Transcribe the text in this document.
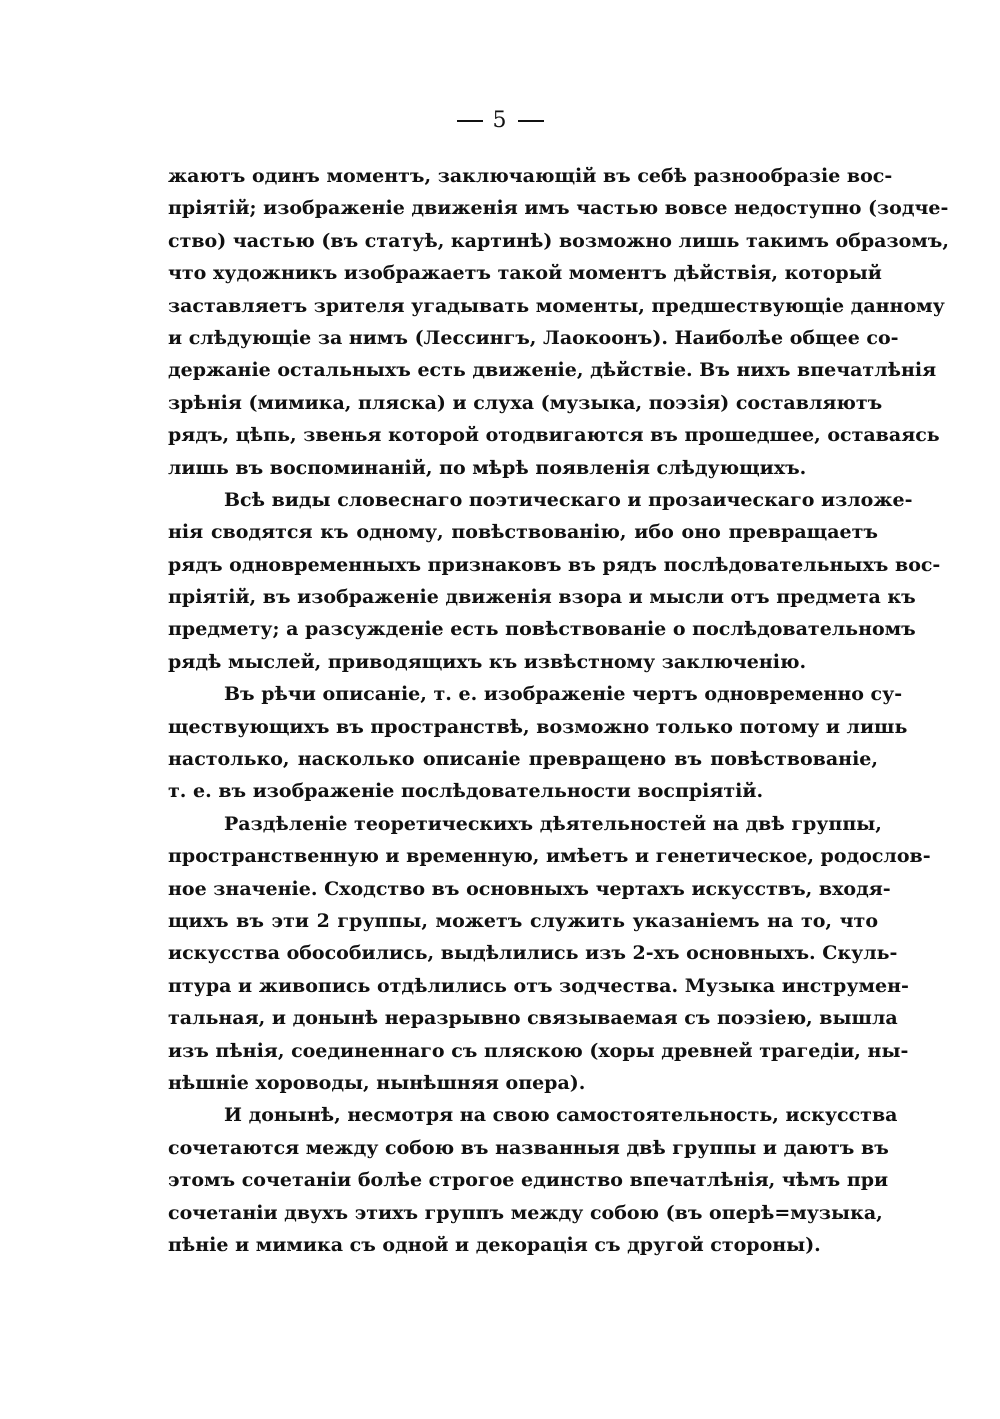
5
жаютъ одинъ моментъ, заключающій въ себѣ разнообразіе вос-
пріятій; изображеніе движенія имъ частью вовсе недоступно (зодче-
ство) частью (въ статуѣ, картинѣ) возможно лишь такимъ образомъ,
что художникъ изображаетъ такой моментъ дѣйствія, который
заставляетъ зрителя угадывать моменты, предшествующіе данному
и слѣдующіе за нимъ (Лессингъ, Лаокоонъ). Наиболѣе общее со-
держаніе остальныхъ есть движеніе, дѣйствіе. Въ нихъ впечатлѣнія
зрѣнія (мимика, пляска) и слуха (музыка, поэзія) составляютъ
рядъ, цѣпь, звенья которой отодвигаются въ прошедшее, оставаясь
лишь въ воспоминаній, по мѣрѣ появленія слѣдующихъ.
Всѣ виды словеснаго поэтическаго и прозаическаго изложе-
нія сводятся къ одному, повѣствованію, ибо оно превращаетъ
рядъ одновременныхъ признаковъ въ рядъ послѣдовательныхъ вос-
пріятій, въ изображеніе движенія взора и мысли отъ предмета къ
предмету; а разсужденіе есть повѣствованіе о послѣдовательномъ
рядѣ мыслей, приводящихъ къ извѣстному заключенію.
Въ рѣчи описаніе, т. е. изображеніе чертъ одновременно су-
ществующихъ въ пространствѣ, возможно только потому и лишь
настолько, насколько описаніе превращено въ повѣствованіе,
т. е. въ изображеніе послѣдовательности воспріятій.
Раздѣленіе теоретическихъ дѣятельностей на двѣ группы,
пространственную и временную, имѣетъ и генетическое, родослов-
ное значеніе. Сходство въ основныхъ чертахъ искусствъ, входя-
щихъ въ эти 2 группы, можетъ служить указаніемъ на то, что
искусства обособились, выдѣлились изъ 2-хъ основныхъ. Скуль-
птура и живопись отдѣлились отъ зодчества. Музыка инструмен-
тальная, и донынѣ неразрывно связываемая съ поэзіею, вышла
изъ пѣнія, соединеннаго съ пляскою (хоры древней трагедіи, ны-
нѣшніе хороводы, нынѣшняя опера).
И донынѣ, несмотря на свою самостоятельность, искусства
сочетаются между собою въ названныя двѣ группы и даютъ въ
этомъ сочетаніи болѣе строгое единство впечатлѣнія, чѣмъ при
сочетаніи двухъ этихъ группъ между собою (въ оперѣ=музыка,
пѣніе и мимика съ одной и декорація съ другой стороны).
